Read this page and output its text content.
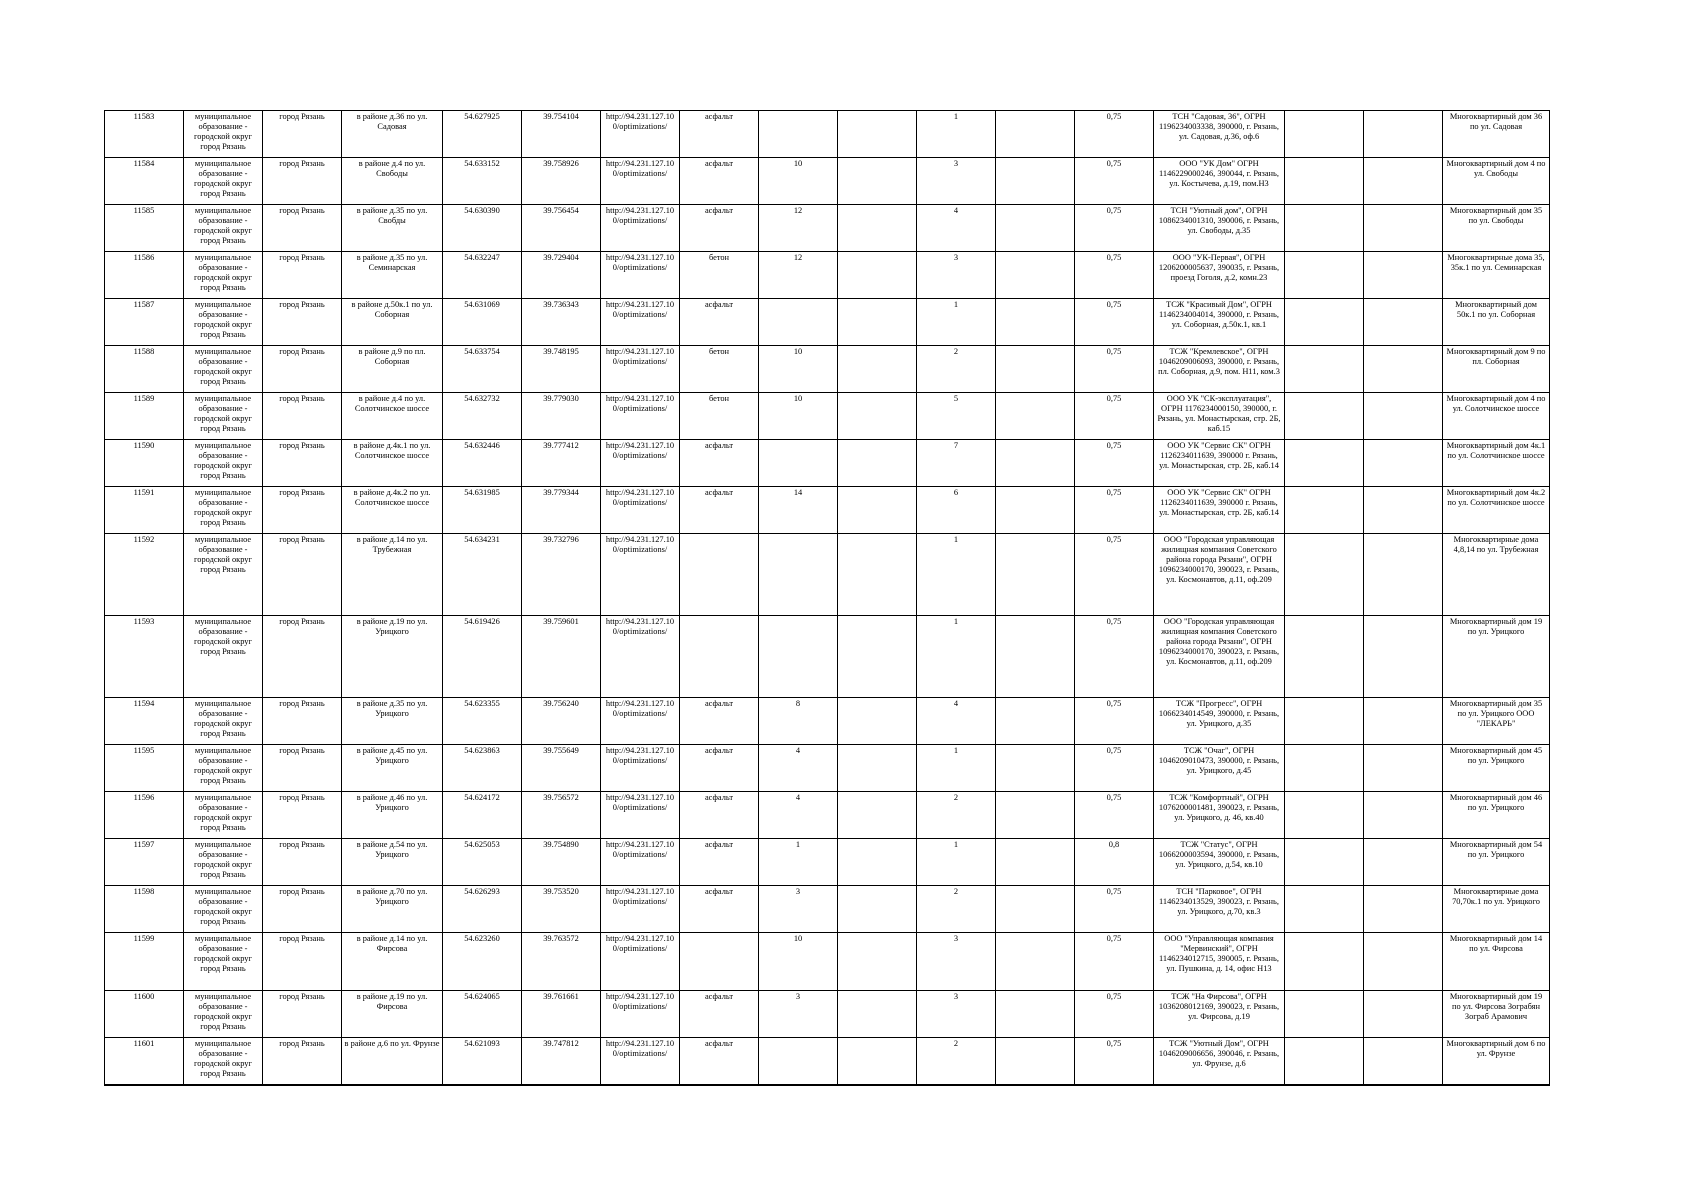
11583	муниципальное образование - городской округ город Рязань	город Рязань	в районе д.36 по ул. Садовая	54.627925	39.754104	http://94.231.127.10 0/optimizations/	асфальт			1		0,75	ТСН "Садовая, 36", ОГРН 1196234003338, 390000, г. Рязань, ул. Садовая, д.36, оф.6			Многоквартирный дом 36 по ул. Садовая
11584	муниципальное образование - городской округ город Рязань	город Рязань	в районе д.4 по ул. Свободы	54.633152	39.758926	http://94.231.127.10 0/optimizations/	асфальт	10		3		0,75	ООО "УК Дом" ОГРН 1146229000246, 390044, г. Рязань, ул. Костычева, д.19, пом.Н3			Многоквартирный дом 4 по ул. Свободы
11585	муниципальное образование - городской округ город Рязань	город Рязань	в районе д.35 по ул. Свобды	54.630390	39.756454	http://94.231.127.10 0/optimizations/	асфальт	12		4		0,75	ТСН "Уютный дом", ОГРН 1086234001310, 390006, г. Рязань, ул. Свободы, д.35			Многоквартирный дом 35 по ул. Свободы
11586	муниципальное образование - городской округ город Рязань	город Рязань	в районе д.35 по ул. Семинарская	54.632247	39.729404	http://94.231.127.10 0/optimizations/	бетон	12		3		0,75	ООО "УК-Первая", ОГРН 1206200005637, 390035, г. Рязань, проезд Гоголя, д.2, комн.23			Многоквартирные дома 35, 35к.1 по ул. Семинарская
11587	муниципальное образование - городской округ город Рязань	город Рязань	в районе д.50к.1 по ул. Соборная	54.631069	39.736343	http://94.231.127.10 0/optimizations/	асфальт			1		0,75	ТСЖ "Красивый Дом", ОГРН 1146234004014, 390000, г. Рязань, ул. Соборная, д.50к.1, кв.1			Многоквартирный дом 50к.1 по ул. Соборная
11588	муниципальное образование - городской округ город Рязань	город Рязань	в районе д.9 по пл. Соборная	54.633754	39.748195	http://94.231.127.10 0/optimizations/	бетон	10		2		0,75	ТСЖ "Кремлевское", ОГРН 1046209006093, 390000, г. Рязань, пл. Соборная, д.9, пом. Н11, ком.3			Многоквартирный дом 9 по пл. Соборная
11589	муниципальное образование - городской округ город Рязань	город Рязань	в районе д.4 по ул. Солотчинское шоссе	54.632732	39.779030	http://94.231.127.10 0/optimizations/	бетон	10		5		0,75	ООО УК "СК-эксплуатация", ОГРН 1176234000150, 390000, г. Рязань, ул. Монастырская, стр. 2Б, каб.15			Многоквартирный дом 4 по ул. Солотчинское шоссе
11590	муниципальное образование - городской округ город Рязань	город Рязань	в районе д.4к.1 по ул. Солотчинское шоссе	54.632446	39.777412	http://94.231.127.10 0/optimizations/	асфальт			7		0,75	ООО УК "Сервис СК" ОГРН 1126234011639, 390000 г. Рязань, ул. Монастырская, стр. 2Б, каб.14			Многоквартирный дом 4к.1 по ул. Солотчинское шоссе
11591	муниципальное образование - городской округ город Рязань	город Рязань	в районе д.4к.2 по ул. Солотчинское шоссе	54.631985	39.779344	http://94.231.127.10 0/optimizations/	асфальт	14		6		0,75	ООО УК "Сервис СК" ОГРН 1126234011639, 390000 г. Рязань, ул. Монастырская, стр. 2Б, каб.14			Многоквартирный дом 4к.2 по ул. Солотчинское шоссе
11592	муниципальное образование - городской округ город Рязань	город Рязань	в районе д.14 по ул. Трубежная	54.634231	39.732796	http://94.231.127.10 0/optimizations/				1		0,75	ООО "Городская управляющая жилищная компания Советского района города Рязани", ОГРН 1096234000170, 390023, г. Рязань, ул. Космонавтов, д.11, оф.209			Многоквартирные дома 4,8,14 по ул. Трубежная
11593	муниципальное образование - городской округ город Рязань	город Рязань	в районе д.19 по ул. Урицкого	54.619426	39.759601	http://94.231.127.10 0/optimizations/				1		0,75	ООО "Городская управляющая жилищная компания Советского района города Рязани", ОГРН 1096234000170, 390023, г. Рязань, ул. Космонавтов, д.11, оф.209			Многоквартирный дом 19 по ул. Урицкого
11594	муниципальное образование - городской округ город Рязань	город Рязань	в районе д.35 по ул. Урицкого	54.623355	39.756240	http://94.231.127.10 0/optimizations/	асфальт	8		4		0,75	ТСЖ "Прогресс", ОГРН 1066234014549, 390000, г. Рязань, ул. Урицкого, д.35			Многоквартирный дом 35 по ул. Урицкого ООО "ЛЕКАРЬ"
11595	муниципальное образование - городской округ город Рязань	город Рязань	в районе д.45 по ул. Урицкого	54.623863	39.755649	http://94.231.127.10 0/optimizations/	асфальт	4		1		0,75	ТСЖ "Очаг", ОГРН 1046209010473, 390000, г. Рязань, ул. Урицкого, д.45			Многоквартирный дом 45 по ул. Урицкого
11596	муниципальное образование - городской округ город Рязань	город Рязань	в районе д.46 по ул. Урицкого	54.624172	39.756572	http://94.231.127.10 0/optimizations/	асфальт	4		2		0,75	ТСЖ "Комфортный", ОГРН 1076200001481, 390023, г. Рязань, ул. Урицкого, д. 46, кв.40			Многоквартирный дом 46 по ул. Урицкого
11597	муниципальное образование - городской округ город Рязань	город Рязань	в районе д.54 по ул. Урицкого	54.625053	39.754890	http://94.231.127.10 0/optimizations/	асфальт	1		1		0,8	ТСЖ "Статус", ОГРН 1066200003594, 390000, г. Рязань, ул. Урицкого, д.54, кв.10			Многоквартирный дом 54 по ул. Урицкого
11598	муниципальное образование - городской округ город Рязань	город Рязань	в районе д.70 по ул. Урицкого	54.626293	39.753520	http://94.231.127.10 0/optimizations/	асфальт	3		2		0,75	ТСН "Парковое", ОГРН 1146234013529, 390023, г. Рязань, ул. Урицкого, д.70, кв.3			Многоквартирные дома 70,70к.1 по ул. Урицкого
11599	муниципальное образование - городской округ город Рязань	город Рязань	в районе д.14 по ул. Фирсова	54.623260	39.763572	http://94.231.127.10 0/optimizations/		10		3		0,75	ООО "Управляющая компания "Мервинский", ОГРН 1146234012715, 390005, г. Рязань, ул. Пушкина, д. 14, офис Н13			Многоквартирный дом 14 по ул. Фирсова
11600	муниципальное образование - городской округ город Рязань	город Рязань	в районе д.19 по ул. Фирсова	54.624065	39.761661	http://94.231.127.10 0/optimizations/	асфальт	3		3		0,75	ТСЖ "На Фирсова", ОГРН 1036208012169, 390023, г. Рязань, ул. Фирсова, д.19			Многоквартирный дом 19 по ул. Фирсова Зограбян Зограб Арамович
11601	муниципальное образование - городской округ город Рязань	город Рязань	в районе д.6 по ул. Фрунзе	54.621093	39.747812	http://94.231.127.10 0/optimizations/	асфальт			2		0,75	ТСЖ "Уютный Дом", ОГРН 1046209006656, 390046, г. Рязань, ул. Фрунзе, д.6			Многоквартирный дом 6 по ул. Фрунзе
